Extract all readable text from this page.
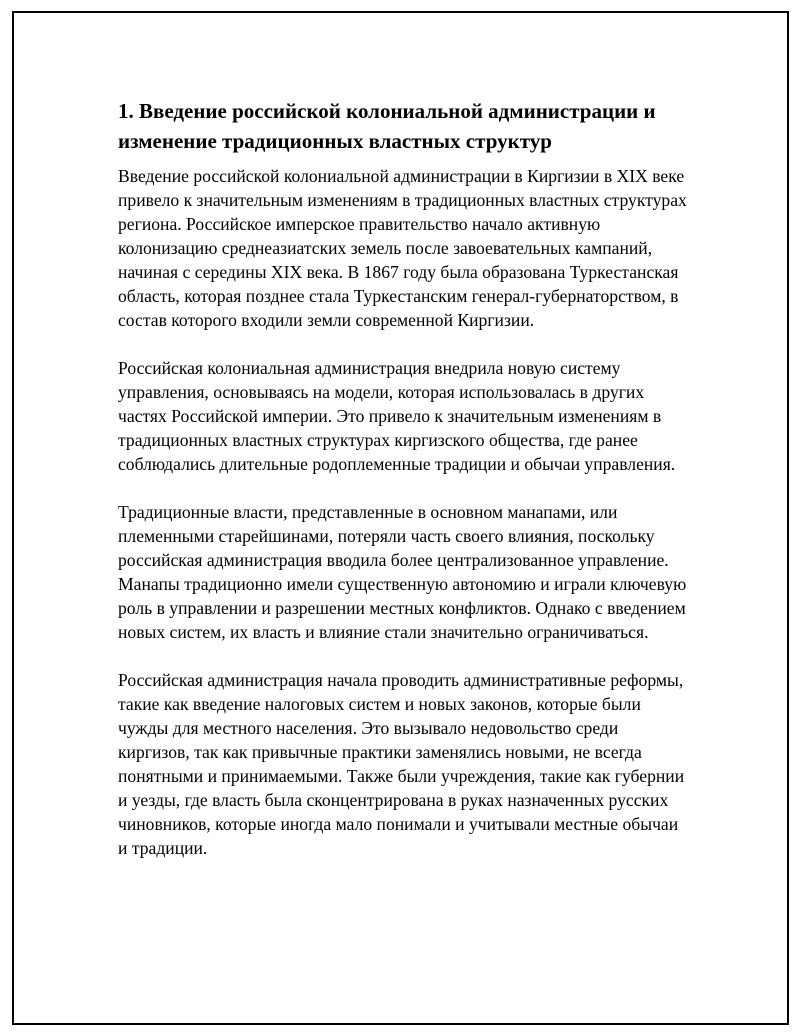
1. Введение российской колониальной администрации и изменение традиционных властных структур

Введение российской колониальной администрации в Киргизии в XIX веке привело к значительным изменениям в традиционных властных структурах региона. Российское имперское правительство начало активную колонизацию среднеазиатских земель после завоевательных кампаний, начиная с середины XIX века. В 1867 году была образована Туркестанская область, которая позднее стала Туркестанским генерал-губернаторством, в состав которого входили земли современной Киргизии.

Российская колониальная администрация внедрила новую систему управления, основываясь на модели, которая использовалась в других частях Российской империи. Это привело к значительным изменениям в традиционных властных структурах киргизского общества, где ранее соблюдались длительные родоплеменные традиции и обычаи управления.

Традиционные власти, представленные в основном манапами, или племенными старейшинами, потеряли часть своего влияния, поскольку российская администрация вводила более централизованное управление. Манапы традиционно имели существенную автономию и играли ключевую роль в управлении и разрешении местных конфликтов. Однако с введением новых систем, их власть и влияние стали значительно ограничиваться.

Российская администрация начала проводить административные реформы, такие как введение налоговых систем и новых законов, которые были чужды для местного населения. Это вызывало недовольство среди киргизов, так как привычные практики заменялись новыми, не всегда понятными и принимаемыми. Также были учреждения, такие как губернии и уезды, где власть была сконцентрирована в руках назначенных русских чиновников, которые иногда мало понимали и учитывали местные обычаи и традиции.
